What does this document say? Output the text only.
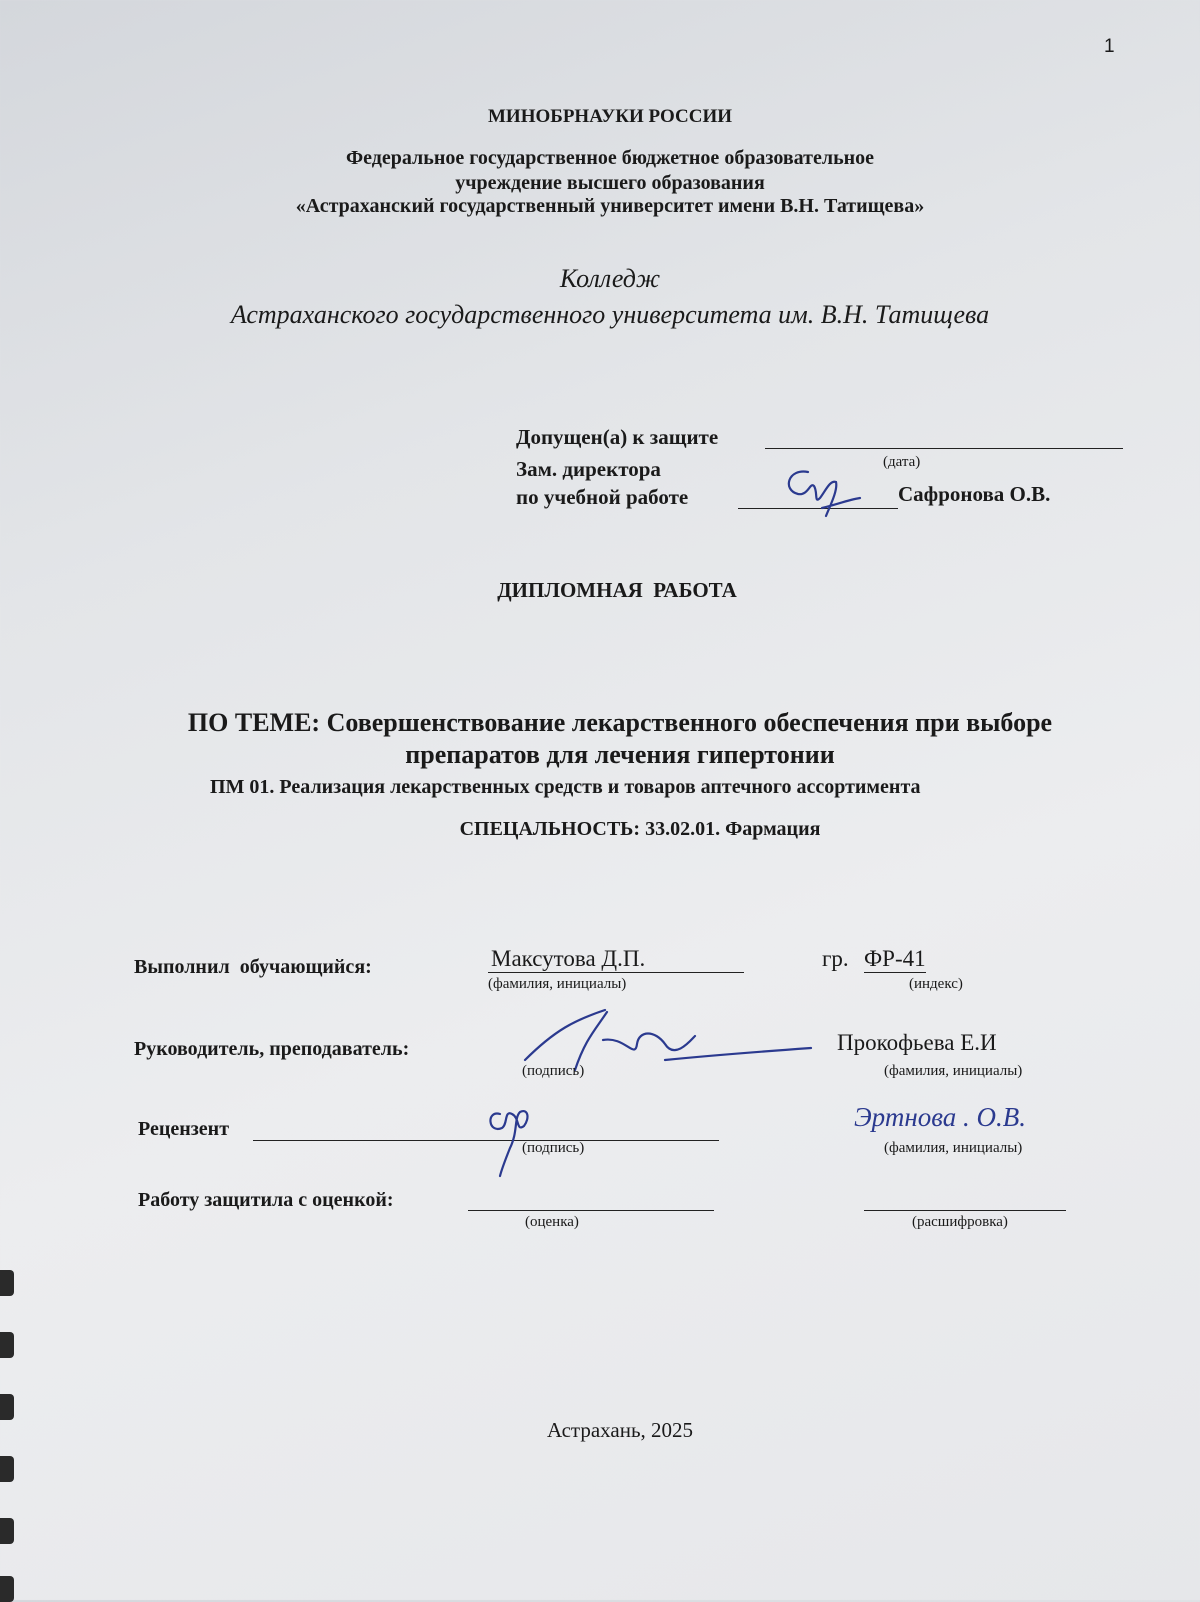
1
МИНОБРНАУКИ РОССИИ
Федеральное государственное бюджетное образовательное
учреждение высшего образования
«Астраханский государственный университет имени В.Н. Татищева»
Колледж
Астраханского государственного университета им. В.Н. Татищева
Допущен(а) к защите
(дата)
Зам. директора
по учебной работе	Сафронова О.В.
ДИПЛОМНАЯ  РАБОТА
ПО ТЕМЕ: Совершенствование лекарственного обеспечения при выборе
препаратов для лечения гипертонии
ПМ 01. Реализация лекарственных средств и товаров аптечного ассортимента
СПЕЦАЛЬНОСТЬ: 33.02.01. Фармация
Выполнил  обучающийся:	Максутова Д.П.
(фамилия, инициалы)
гр. ФР-41
(индекс)
Руководитель, преподаватель:
(подпись)
Прокофьева Е.И
(фамилия, инициалы)
Рецензент
(подпись)
Эртнова . О.В.
(фамилия, инициалы)
Работу защитила с оценкой:
(оценка)	(расшифровка)
Астрахань, 2025
